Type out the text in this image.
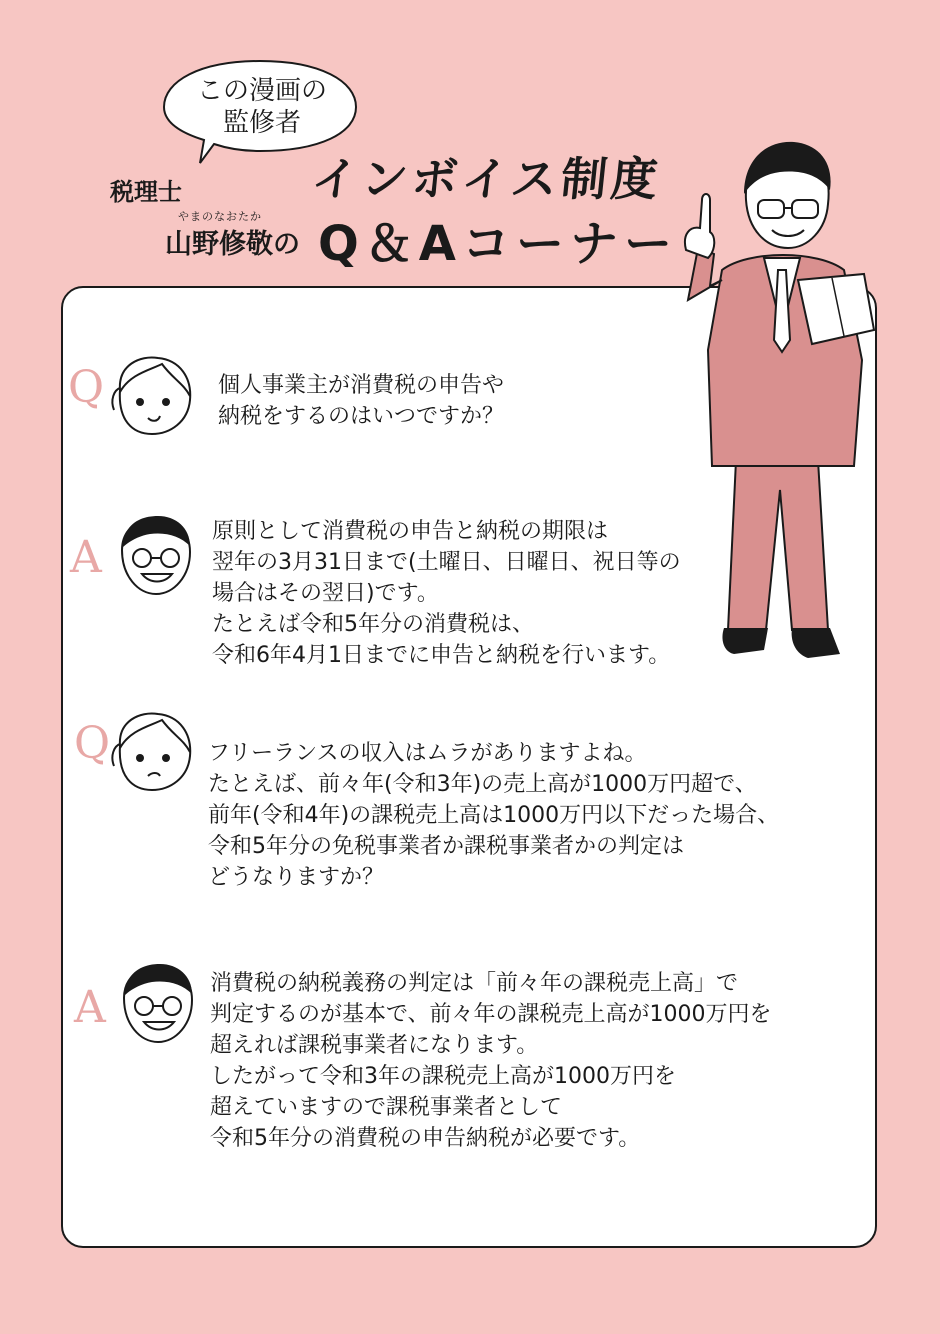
この漫画の
監修者
税理士
やまのなおたか
山野修敬の
インボイス制度
Q＆Aコーナー
Q	個人事業主が消費税の申告や
納税をするのはいつですか？
A
原則として消費税の申告と納税の期限は
翌年の3月31日まで(土曜日、日曜日、祝日等の
場合はその翌日)です。
たとえば令和5年分の消費税は、
令和6年4月1日までに申告と納税を行います。
Q	フリーランスの収入はムラがありますよね。
たとえば、前々年(令和3年)の売上高が1000万円超で、
前年(令和4年)の課税売上高は1000万円以下だった場合、
令和5年分の免税事業者か課税事業者かの判定は
どうなりますか？
A	消費税の納税義務の判定は「前々年の課税売上高」で
判定するのが基本で、前々年の課税売上高が1000万円を
超えれば課税事業者になります。
したがって令和3年の課税売上高が1000万円を
超えていますので課税事業者として
令和5年分の消費税の申告納税が必要です。
